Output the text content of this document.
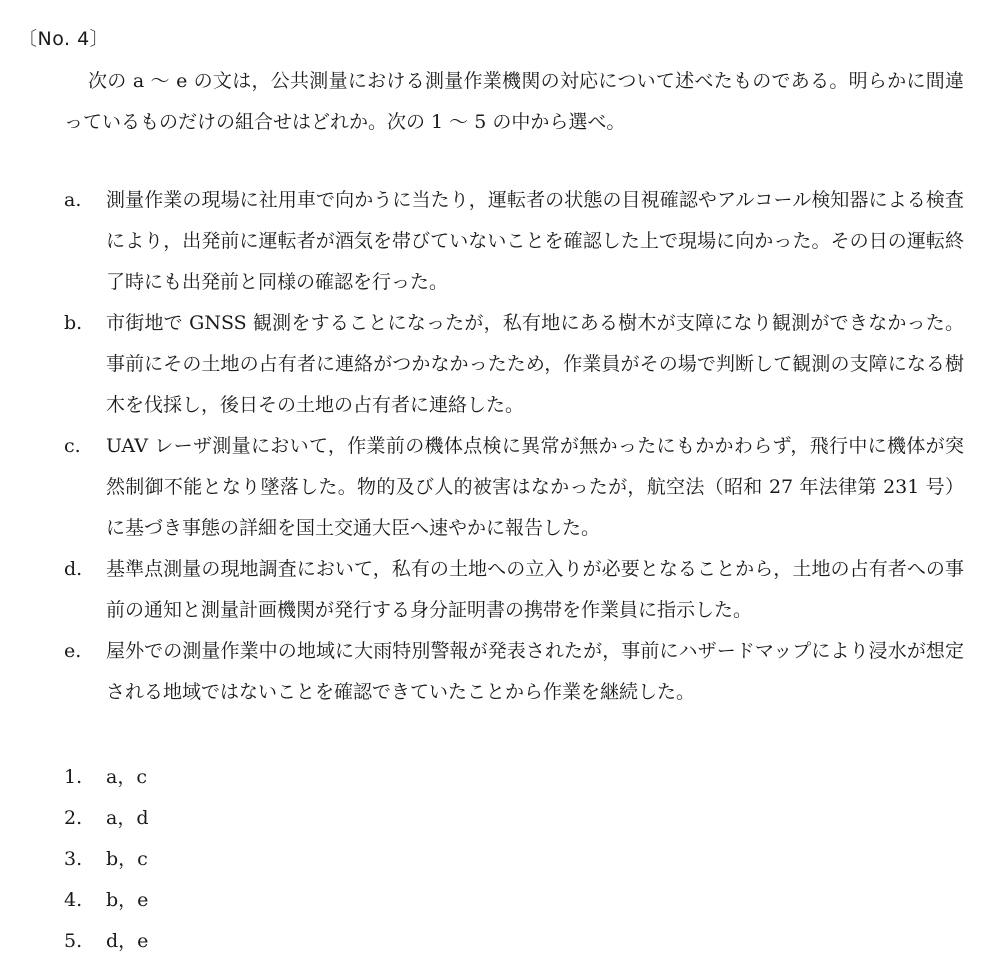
〔No. 4〕
次の a 〜 e の文は，公共測量における測量作業機関の対応について述べたものである。明らかに間違っているものだけの組合せはどれか。次の 1 〜 5 の中から選べ。
a.	測量作業の現場に社用車で向かうに当たり，運転者の状態の目視確認やアルコール検知器による検査により，出発前に運転者が酒気を帯びていないことを確認した上で現場に向かった。その日の運転終了時にも出発前と同様の確認を行った。
b.	市街地で GNSS 観測をすることになったが，私有地にある樹木が支障になり観測ができなかった。事前にその土地の占有者に連絡がつかなかったため，作業員がその場で判断して観測の支障になる樹木を伐採し，後日その土地の占有者に連絡した。
c.	UAV レーザ測量において，作業前の機体点検に異常が無かったにもかかわらず，飛行中に機体が突然制御不能となり墜落した。物的及び人的被害はなかったが，航空法（昭和 27 年法律第 231 号）に基づき事態の詳細を国土交通大臣へ速やかに報告した。
d.	基準点測量の現地調査において，私有の土地への立入りが必要となることから，土地の占有者への事前の通知と測量計画機関が発行する身分証明書の携帯を作業員に指示した。
e.	屋外での測量作業中の地域に大雨特別警報が発表されたが，事前にハザードマップにより浸水が想定される地域ではないことを確認できていたことから作業を継続した。
1.	a，c
2.	a，d
3.	b，c
4.	b，e
5.	d，e
